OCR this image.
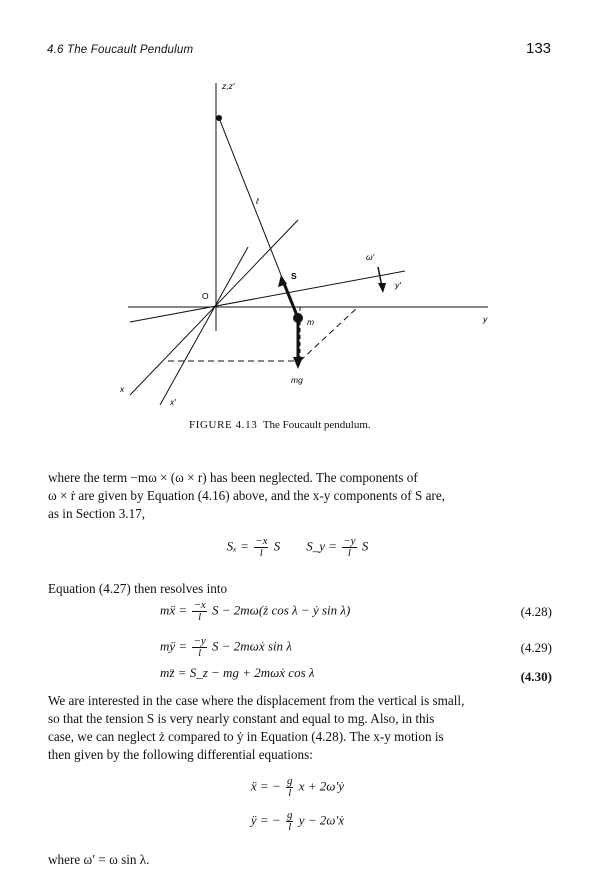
4.6 The Foucault Pendulum	133
z,z′
ℓ
ω′
S
y′
O
m	y
mg
x
x′
FIGURE 4.13 The Foucault pendulum.
where the term −mω × (ω × r) has been neglected. The components of
ω × ṙ are given by Equation (4.16) above, and the x-y components of S are,
as in Section 3.17,
$S_x = \frac{-x}{l}$ S S_y = $\frac{-y}{l}$ S
Equation (4.27) then resolves into
mẍ = $\frac{-x}{l}$ S − 2mω(ż cos λ − ẏ sin λ)	(4.28)
mÿ = $\frac{-y}{l}$ S − 2mωẋ sin λ	(4.29)
mz̈ = S_z − mg + 2mωẋ cos λ	(4.30)
We are interested in the case where the displacement from the vertical is small,
so that the tension S is very nearly constant and equal to mg. Also, in this
case, we can neglect ż compared to ẏ in Equation (4.28). The x-y motion is
then given by the following differential equations:
ẍ = − $\frac{g}{l}$ x + 2ω′ẏ
ÿ = − $\frac{g}{l}$ y − 2ω′ẋ
where ω′ = ω sin λ.
